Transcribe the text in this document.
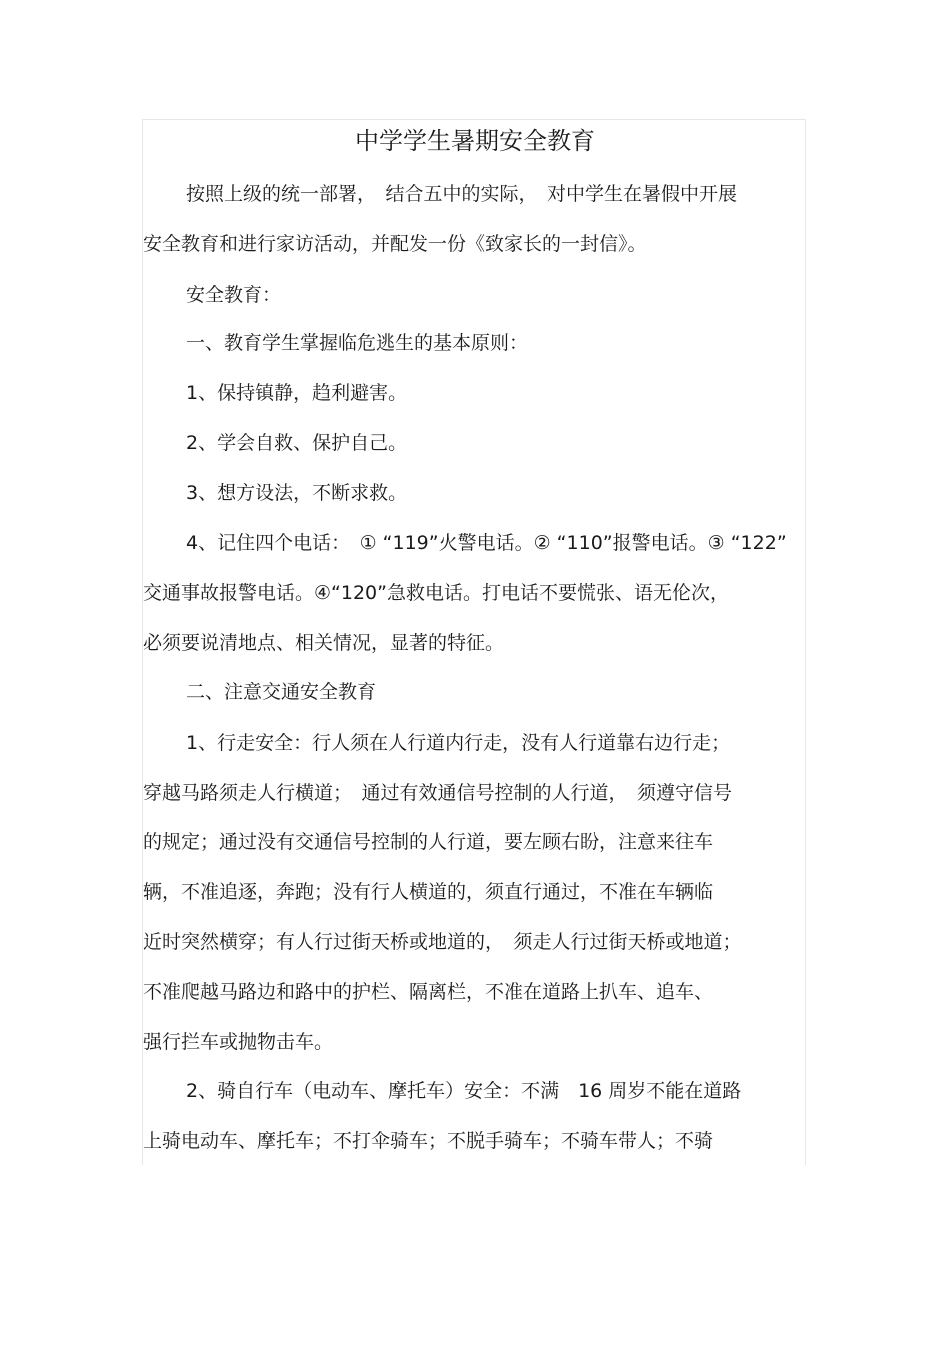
中学学生暑期安全教育
按照上级的统一部署，　结合五中的实际，　对中学生在暑假中开展
安全教育和进行家访活动，并配发一份《致家长的一封信》。
安全教育：
一、教育学生掌握临危逃生的基本原则：
1、保持镇静，趋利避害。
2、学会自救、保护自己。
3、想方设法，不断求救。
4、记住四个电话：　① “119”火警电话。② “110”报警电话。③ “122”
交通事故报警电话。④“120”急救电话。打电话不要慌张、语无伦次，
必须要说清地点、相关情况，显著的特征。
二、注意交通安全教育
1、行走安全：行人须在人行道内行走，没有人行道靠右边行走；
穿越马路须走人行横道；　通过有效通信号控制的人行道，　须遵守信号
的规定；通过没有交通信号控制的人行道，要左顾右盼，注意来往车
辆，不准追逐，奔跑；没有行人横道的，须直行通过，不准在车辆临
近时突然横穿；有人行过街天桥或地道的，　须走人行过街天桥或地道；
不准爬越马路边和路中的护栏、隔离栏，不准在道路上扒车、追车、
强行拦车或抛物击车。
2、骑自行车（电动车、摩托车）安全：不满　16 周岁不能在道路
上骑电动车、摩托车；不打伞骑车；不脱手骑车；不骑车带人；不骑
